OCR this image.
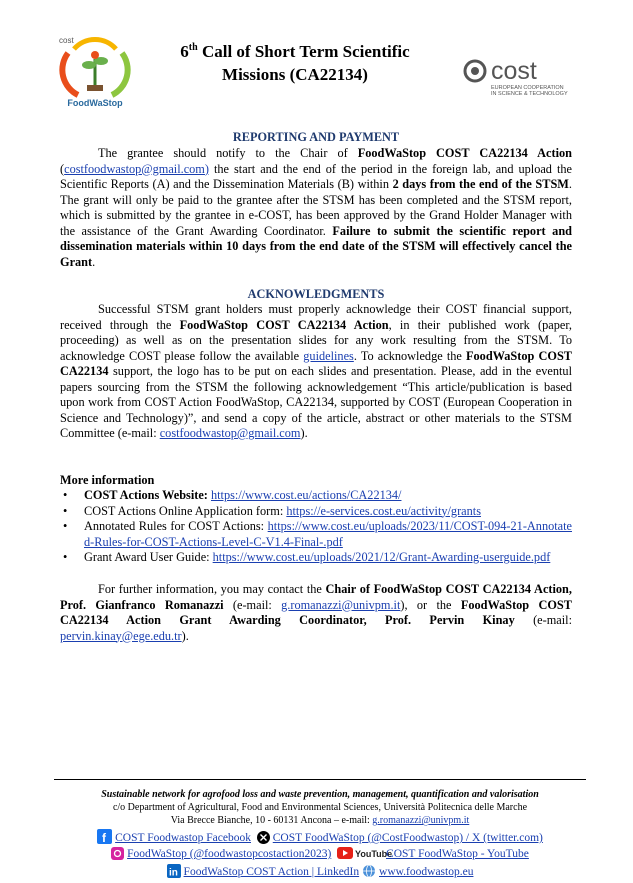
cost
FoodWaStop
6th Call of Short Term Scientific
Missions (CA22134)	cost
EUROPEAN COOPERATION
IN SCIENCE & TECHNOLOGY
REPORTING AND PAYMENT
The grantee should notify to the Chair of FoodWaStop COST CA22134 Action (costfoodwastop@gmail.com) the start and the end of the period in the foreign lab, and upload the Scientific Reports (A) and the Dissemination Materials (B) within 2 days from the end of the STSM. The grant will only be paid to the grantee after the STSM has been completed and the STSM report, which is submitted by the grantee in e-COST, has been approved by the Grand Holder Manager with the assistance of the Grant Awarding Coordinator. Failure to submit the scientific report and dissemination materials within 10 days from the end date of the STSM will effectively cancel the Grant.
ACKNOWLEDGMENTS
Successful STSM grant holders must properly acknowledge their COST financial support, received through the FoodWaStop COST CA22134 Action, in their published work (paper, proceeding) as well as on the presentation slides for any work resulting from the STSM. To acknowledge COST please follow the available guidelines. To acknowledge the FoodWaStop COST CA22134 support, the logo has to be put on each slides and presentation. Please, add in the eventul papers sourcing from the STSM the following acknowledgement “This article/publication is based upon work from COST Action FoodWaStop, CA22134, supported by COST (European Cooperation in Science and Technology)”, and send a copy of the article, abstract or other materials to the STSM Committee (e-mail: costfoodwastop@gmail.com).
More information
• COST Actions Website: https://www.cost.eu/actions/CA22134/
• COST Actions Online Application form: https://e-services.cost.eu/activity/grants
• Annotated Rules for COST Actions: https://www.cost.eu/uploads/2023/11/COST-094-21-Annotated-Rules-for-COST-Actions-Level-C-V1.4-Final-.pdf
• Grant Award User Guide: https://www.cost.eu/uploads/2021/12/Grant-Awarding-userguide.pdf
For further information, you may contact the Chair of FoodWaStop COST CA22134 Action, Prof. Gianfranco Romanazzi (e-mail: g.romanazzi@univpm.it), or the FoodWaStop COST CA22134 Action Grant Awarding Coordinator, Prof. Pervin Kinay (e-mail: pervin.kinay@ege.edu.tr).
Sustainable network for agrofood loss and waste prevention, management, quantification and valorisation
c/o Department of Agricultural, Food and Environmental Sciences, Università Politecnica delle Marche
Via Brecce Bianche, 10 - 60131 Ancona – e-mail: g.romanazzi@univpm.it
f COST Foodwastop Facebook COST FoodWaStop (@CostFoodwastop) / X (twitter.com)
FoodWaStop (@foodwastopcostaction2023)	YouTube
COST FoodWaStop - YouTube
in FoodWaStop COST Action | LinkedIn www.foodwastop.eu
